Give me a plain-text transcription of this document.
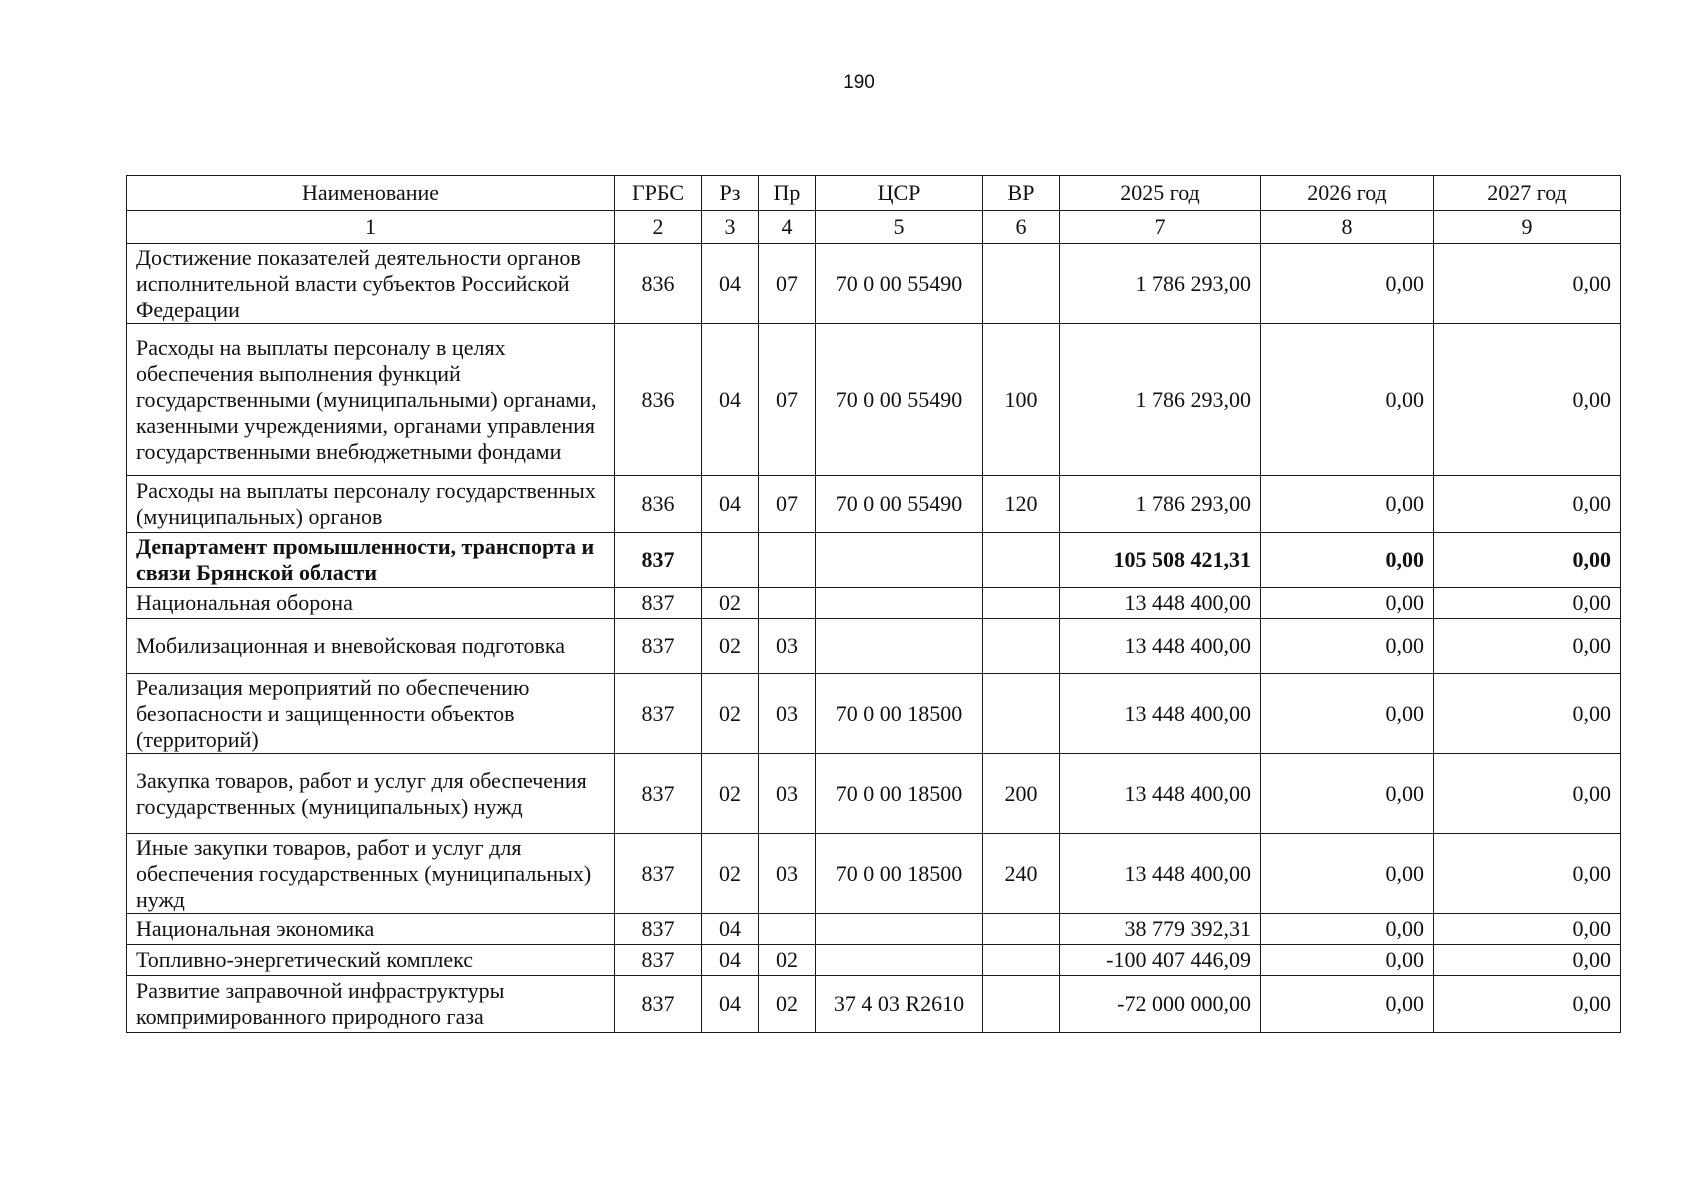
190
Наименование	ГРБС	Рз	Пр	ЦСР	ВР	2025 год	2026 год	2027 год
1	2	3	4	5	6	7	8	9
Достижение показателей деятельности органов исполнительной власти субъектов Российской Федерации	836	04	07	70 0 00 55490		1 786 293,00	0,00	0,00
Расходы на выплаты персоналу в целях обеспечения выполнения функций государственными (муниципальными) органами, казенными учреждениями, органами управления государственными внебюджетными фондами	836	04	07	70 0 00 55490	100	1 786 293,00	0,00	0,00
Расходы на выплаты персоналу государственных (муниципальных) органов	836	04	07	70 0 00 55490	120	1 786 293,00	0,00	0,00
Департамент промышленности, транспорта и связи Брянской области	837					105 508 421,31	0,00	0,00
Национальная оборона	837	02				13 448 400,00	0,00	0,00
Мобилизационная и вневойсковая подготовка	837	02	03			13 448 400,00	0,00	0,00
Реализация мероприятий по обеспечению безопасности и защищенности объектов (территорий)	837	02	03	70 0 00 18500		13 448 400,00	0,00	0,00
Закупка товаров, работ и услуг для обеспечения государственных (муниципальных) нужд	837	02	03	70 0 00 18500	200	13 448 400,00	0,00	0,00
Иные закупки товаров, работ и услуг для обеспечения государственных (муниципальных) нужд	837	02	03	70 0 00 18500	240	13 448 400,00	0,00	0,00
Национальная экономика	837	04				38 779 392,31	0,00	0,00
Топливно-энергетический комплекс	837	04	02			-100 407 446,09	0,00	0,00
Развитие заправочной инфраструктуры компримированного природного газа	837	04	02	37 4 03 R2610		-72 000 000,00	0,00	0,00
